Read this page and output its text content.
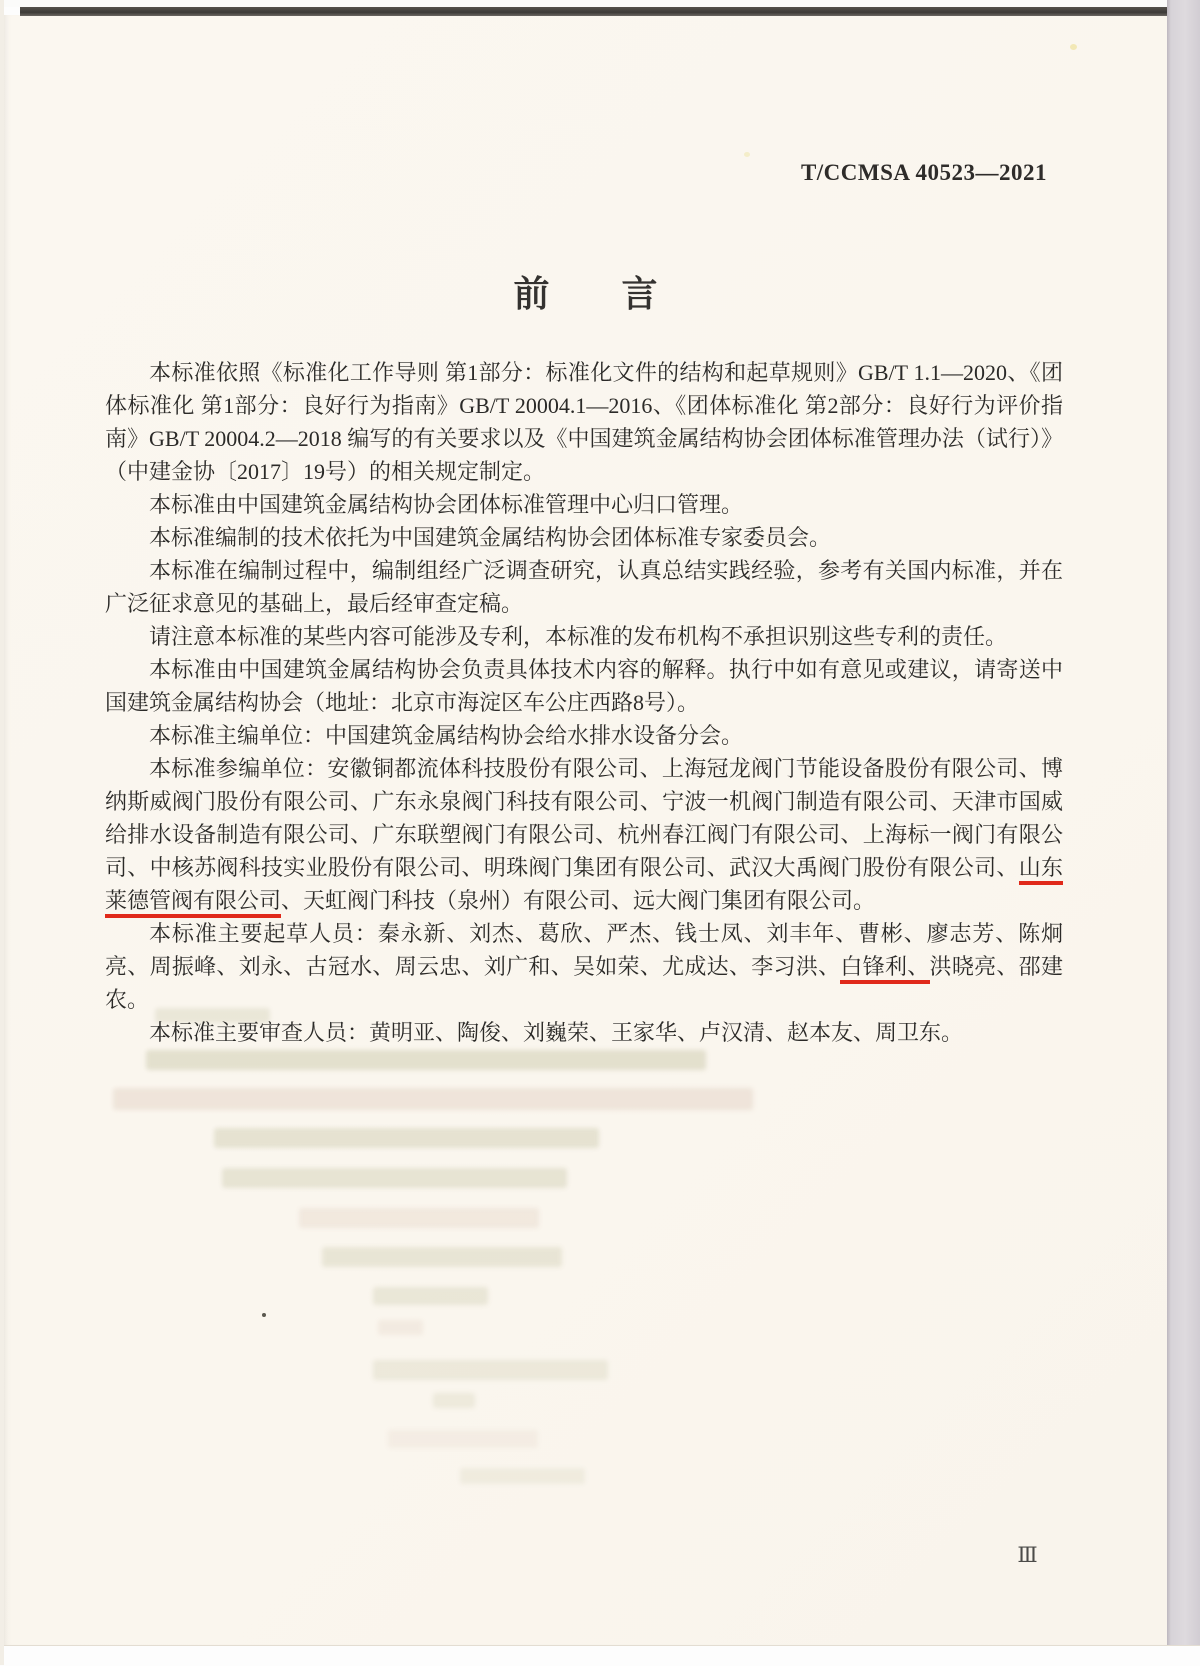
T/CCMSA 40523—2021
前　　言

本标准依照《标准化工作导则 第1部分：标准化文件的结构和起草规则》GB/T 1.1—2020、《团体标准化 第1部分：良好行为指南》GB/T 20004.1—2016、《团体标准化 第2部分：良好行为评价指南》GB/T 20004.2—2018 编写的有关要求以及《中国建筑金属结构协会团体标准管理办法（试行）》（中建金协〔2017〕19号）的相关规定制定。

本标准由中国建筑金属结构协会团体标准管理中心归口管理。

本标准编制的技术依托为中国建筑金属结构协会团体标准专家委员会。

本标准在编制过程中，编制组经广泛调查研究，认真总结实践经验，参考有关国内标准，并在广泛征求意见的基础上，最后经审查定稿。

请注意本标准的某些内容可能涉及专利，本标准的发布机构不承担识别这些专利的责任。

本标准由中国建筑金属结构协会负责具体技术内容的解释。执行中如有意见或建议，请寄送中国建筑金属结构协会（地址：北京市海淀区车公庄西路8号）。

本标准主编单位：中国建筑金属结构协会给水排水设备分会。

本标准参编单位：安徽铜都流体科技股份有限公司、上海冠龙阀门节能设备股份有限公司、博纳斯威阀门股份有限公司、广东永泉阀门科技有限公司、宁波一机阀门制造有限公司、天津市国威给排水设备制造有限公司、广东联塑阀门有限公司、杭州春江阀门有限公司、上海标一阀门有限公司、中核苏阀科技实业股份有限公司、明珠阀门集团有限公司、武汉大禹阀门股份有限公司、山东莱德管阀有限公司、天虹阀门科技（泉州）有限公司、远大阀门集团有限公司。

本标准主要起草人员：秦永新、刘杰、葛欣、严杰、钱士凤、刘丰年、曹彬、廖志芳、陈炯亮、周振峰、刘永、古冠水、周云忠、刘广和、吴如荣、尤成达、李习洪、白锋利、洪晓亮、邵建农。

本标准主要审查人员：黄明亚、陶俊、刘巍荣、王家华、卢汉清、赵本友、周卫东。

Ⅲ
